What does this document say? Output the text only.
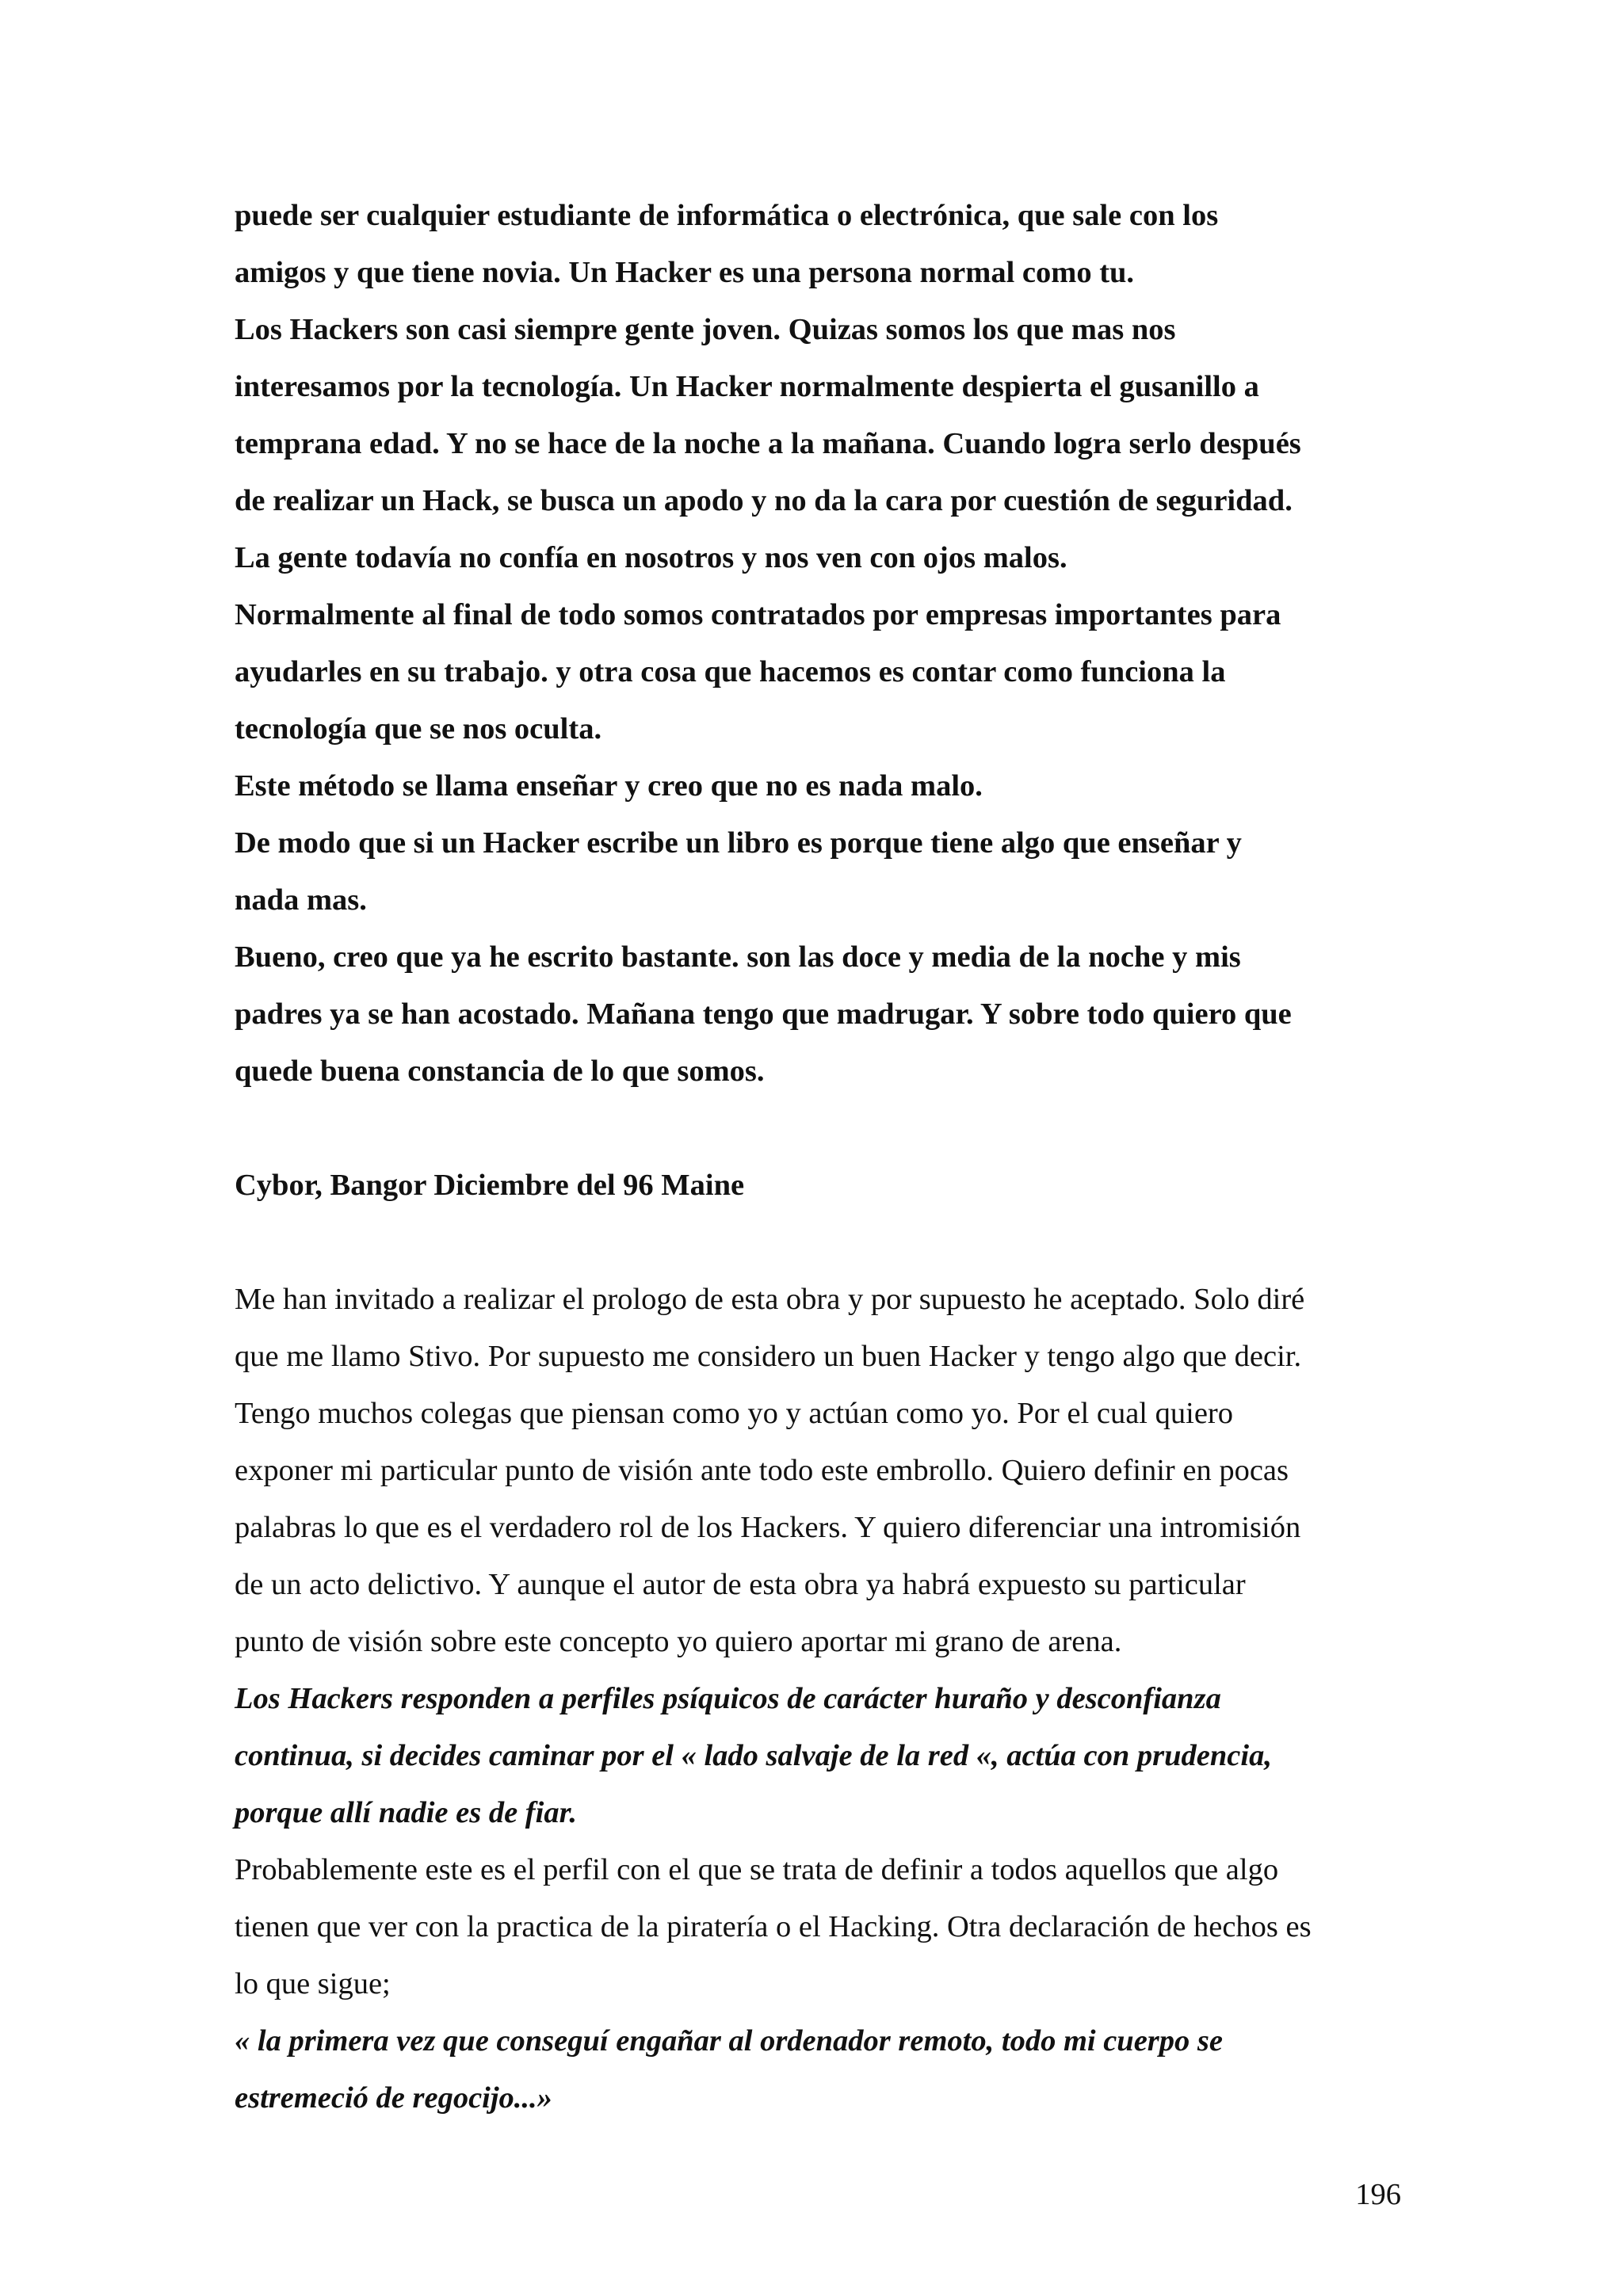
puede ser cualquier estudiante de informática o electrónica, que sale con los
amigos y que tiene novia. Un Hacker es una persona normal como tu.
Los Hackers son casi siempre gente joven. Quizas somos los que mas nos
interesamos por la tecnología. Un Hacker normalmente despierta el gusanillo a
temprana edad. Y no se hace de la noche a la mañana. Cuando logra serlo después
de realizar un Hack, se busca un apodo y no da la cara por cuestión de seguridad.
La gente todavía no confía en nosotros y nos ven con ojos malos.
Normalmente al final de todo somos contratados por empresas importantes para
ayudarles en su trabajo. y otra cosa que hacemos es contar como funciona la
tecnología que se nos oculta.
Este método se llama enseñar y creo que no es nada malo.
De modo que si un Hacker escribe un libro es porque tiene algo que enseñar y
nada mas.
Bueno, creo que ya he escrito bastante. son las doce y media de la noche y mis
padres ya se han acostado. Mañana tengo que madrugar. Y sobre todo quiero que
quede buena constancia de lo que somos.
Cybor, Bangor Diciembre del 96 Maine
Me han invitado a realizar el prologo de esta obra y por supuesto he aceptado. Solo diré
que me llamo Stivo. Por supuesto me considero un buen Hacker y tengo algo que decir.
Tengo muchos colegas que piensan como yo y actúan como yo. Por el cual quiero
exponer mi particular punto de visión ante todo este embrollo. Quiero definir en pocas
palabras lo que es el verdadero rol de los Hackers. Y quiero diferenciar una intromisión
de un acto delictivo. Y aunque el autor de esta obra ya habrá expuesto su particular
punto de visión sobre este concepto yo quiero aportar mi grano de arena.
Los Hackers responden a perfiles psíquicos de carácter huraño y desconfianza
continua, si decides caminar por el « lado salvaje de la red «, actúa con prudencia,
porque allí nadie es de fiar.
Probablemente este es el perfil con el que se trata de definir a todos aquellos que algo
tienen que ver con la practica de la piratería o el Hacking. Otra declaración de hechos es
lo que sigue;
« la primera vez que conseguí engañar al ordenador remoto, todo mi cuerpo se
estremeció de regocijo...»
196
